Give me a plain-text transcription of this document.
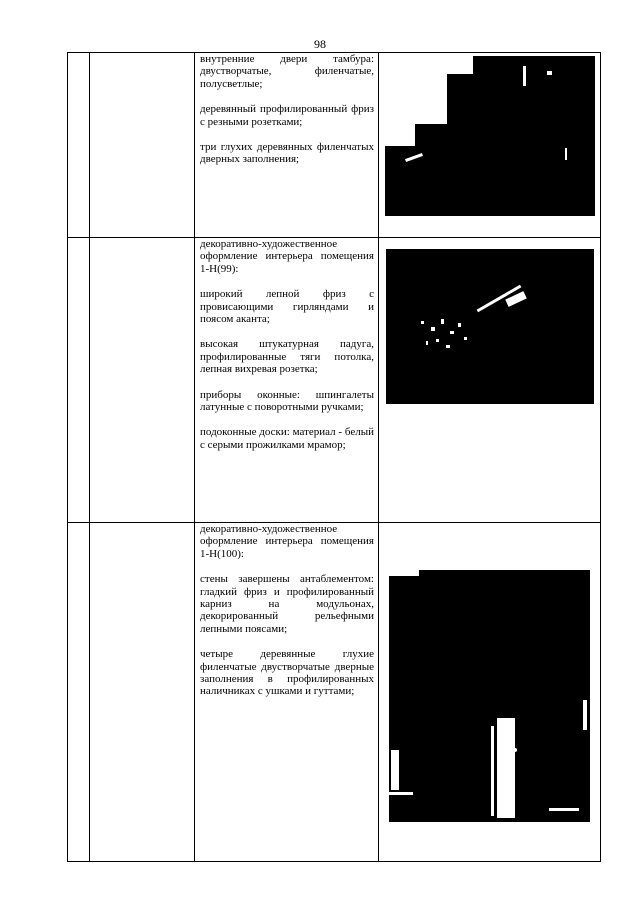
98

		внутренние двери тамбура: двустворчатые, филенчатые, полусветлые;

деревянный профилированный фриз с резными розетками;

три глухих деревянных филенчатых дверных заполнения;	

		декоративно-художественное оформление интерьера помещения 1-Н(99):

широкий лепной фриз с провисающими гирляндами и поясом аканта;

высокая штукатурная падуга, профилированные тяги потолка, лепная вихревая розетка;

приборы оконные: шпингалеты латунные с поворотными ручками;

подоконные доски: материал - белый с серыми прожилками мрамор;	

		декоративно-художественное оформление интерьера помещения 1-Н(100):

стены завершены антаблементом: гладкий фриз и профилированный карниз на модульонах, декорированный рельефными лепными поясами;

четыре деревянные глухие филенчатые двустворчатые дверные заполнения в профилированных наличниках с ушками и гуттами;	
